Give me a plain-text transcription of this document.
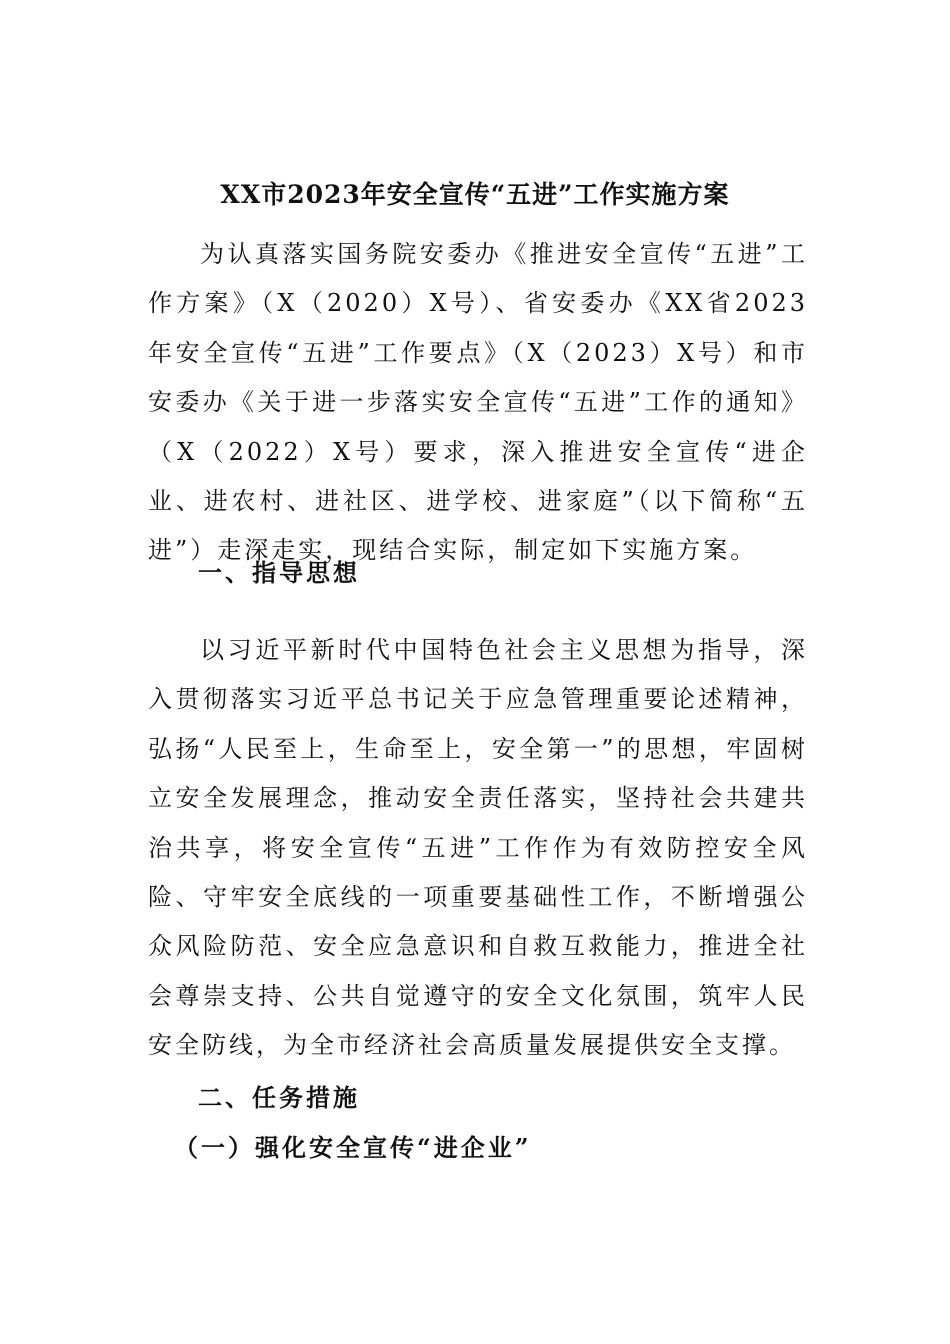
XX市2023年安全宣传“五进”工作实施方案

为认真落实国务院安委办《推进安全宣传“五进”工作方案》（X（2020）X号）、省安委办《XX省2023年安全宣传“五进”工作要点》（X（2023）X号）和市安委办《关于进一步落实安全宣传“五进”工作的通知》（X（2022）X号）要求，深入推进安全宣传“进企业、进农村、进社区、进学校、进家庭”（以下简称“五进”）走深走实，现结合实际，制定如下实施方案。

一、指导思想

以习近平新时代中国特色社会主义思想为指导，深入贯彻落实习近平总书记关于应急管理重要论述精神，弘扬“人民至上，生命至上，安全第一”的思想，牢固树立安全发展理念，推动安全责任落实，坚持社会共建共治共享，将安全宣传“五进”工作作为有效防控安全风险、守牢安全底线的一项重要基础性工作，不断增强公众风险防范、安全应急意识和自救互救能力，推进全社会尊崇支持、公共自觉遵守的安全文化氛围，筑牢人民安全防线，为全市经济社会高质量发展提供安全支撑。

二、任务措施
（一）强化安全宣传“进企业”
